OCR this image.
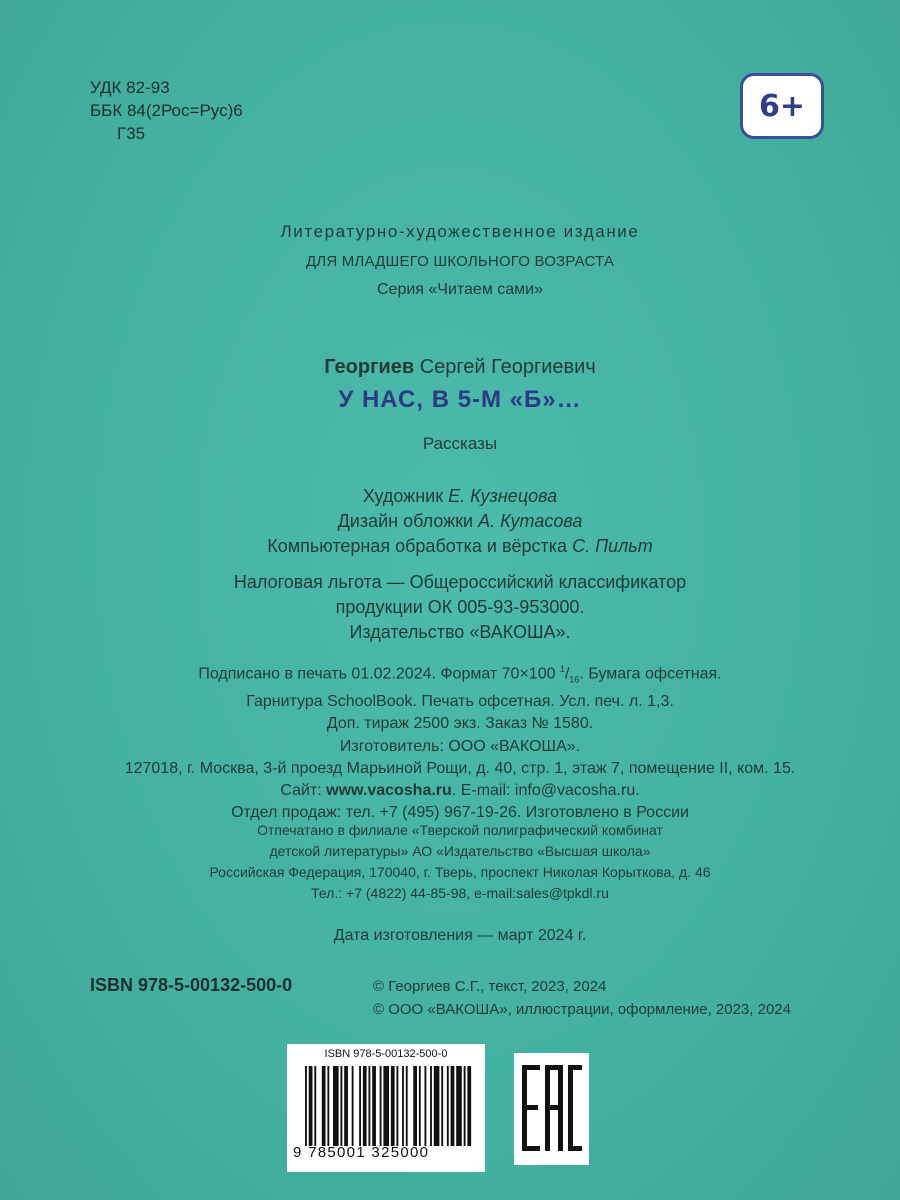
УДК 82-93
ББК 84(2Рос=Рус)6
Г35
6+
Литературно-художественное издание
ДЛЯ МЛАДШЕГО ШКОЛЬНОГО ВОЗРАСТА
Серия «Читаем сами»
Георгиев Сергей Георгиевич
У НАС, В 5-М «Б»…
Рассказы
Художник Е. Кузнецова
Дизайн обложки А. Кутасова
Компьютерная обработка и вёрстка С. Пильт
Налоговая льгота — Общероссийский классификатор
продукции ОК 005-93-953000.
Издательство «ВАКОША».
Подписано в печать 01.02.2024. Формат 70×100 $^1/_{16}$. Бумага офсетная.
Гарнитура SchoolBook. Печать офсетная. Усл. печ. л. 1,3.
Доп. тираж 2500 экз. Заказ № 1580.
Изготовитель: ООО «ВАКОША».
127018, г. Москва, 3-й проезд Марьиной Рощи, д. 40, стр. 1, этаж 7, помещение II, ком. 15.
Сайт: www.vacosha.ru. E-mail: info@vacosha.ru.
Отдел продаж: тел. +7 (495) 967-19-26. Изготовлено в России
Отпечатано в филиале «Тверской полиграфический комбинат
детской литературы» АО «Издательство «Высшая школа»
Российская Федерация, 170040, г. Тверь, проспект Николая Корыткова, д. 46
Тел.: +7 (4822) 44-85-98, e-mail:sales@tpkdl.ru
Дата изготовления — март 2024 г.
ISBN 978-5-00132-500-0	© Георгиев С.Г., текст, 2023, 2024
© ООО «ВАКОША», иллюстрации, оформление, 2023, 2024
ISBN 978-5-00132-500-0
9 785001 325000
